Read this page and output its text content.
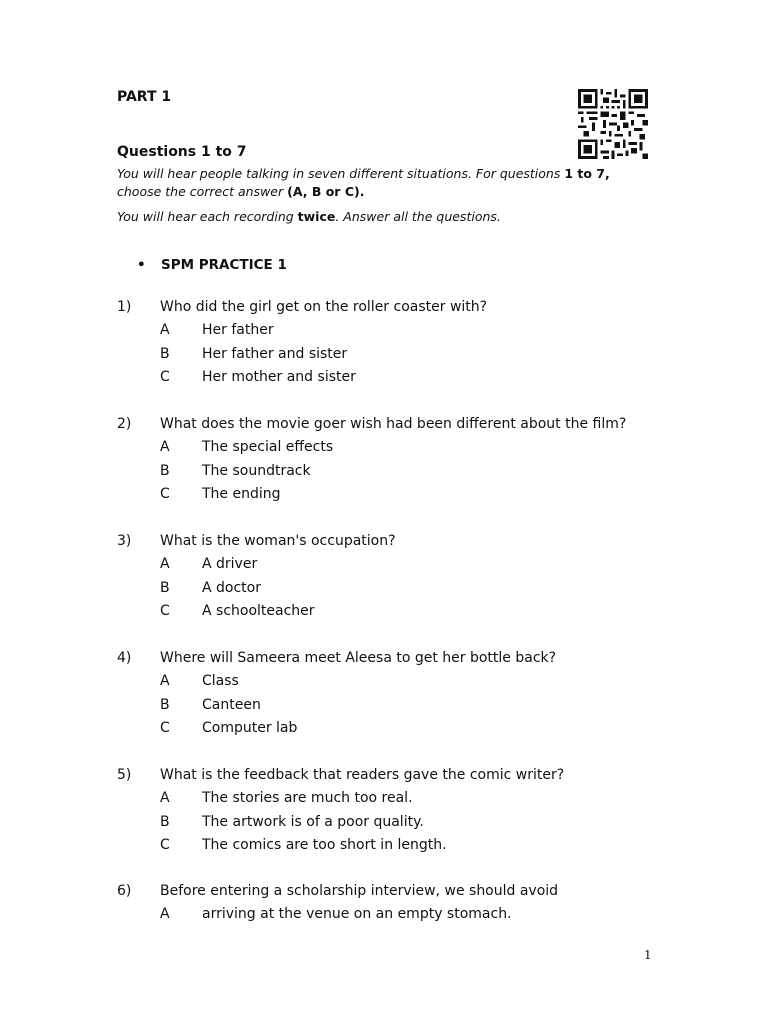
PART 1
Questions 1 to 7
You will hear people talking in seven different situations. For questions 1 to 7, choose the correct answer (A, B or C).
You will hear each recording twice. Answer all the questions.
• SPM PRACTICE 1
1) Who did the girl get on the roller coaster with?
A Her father
B Her father and sister
C Her mother and sister
2) What does the movie goer wish had been different about the film?
A The special effects
B The soundtrack
C The ending
3) What is the woman's occupation?
A A driver
B A doctor
C A schoolteacher
4) Where will Sameera meet Aleesa to get her bottle back?
A Class
B Canteen
C Computer lab
5) What is the feedback that readers gave the comic writer?
A The stories are much too real.
B The artwork is of a poor quality.
C The comics are too short in length.
6) Before entering a scholarship interview, we should avoid
A arriving at the venue on an empty stomach.
1
